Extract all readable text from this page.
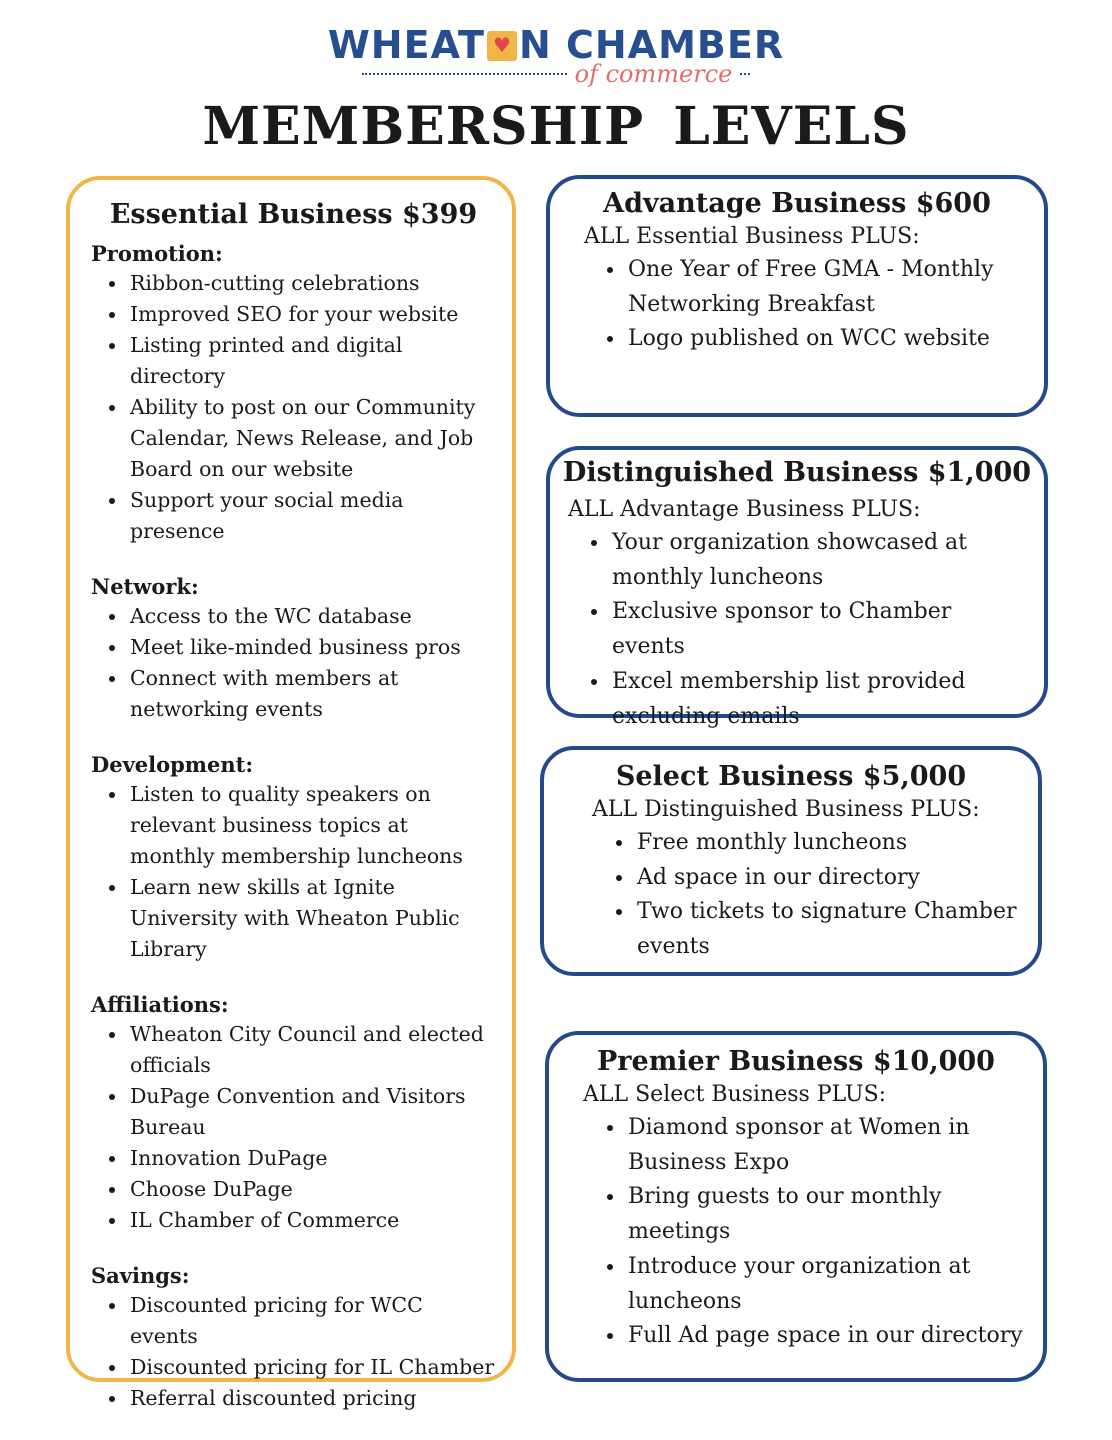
WHEAT ♥ N CHAMBER
of commerce
MEMBERSHIP LEVELS
Essential Business $399

Promotion:

• Ribbon-cutting celebrations
• Improved SEO for your website
• Listing printed and digital directory
• Ability to post on our Community Calendar, News Release, and Job Board on our website
• Support your social media presence

Network:

• Access to the WC database
• Meet like-minded business pros
• Connect with members at networking events

Development:

• Listen to quality speakers on relevant business topics at monthly membership luncheons
• Learn new skills at Ignite University with Wheaton Public Library

Affiliations:

• Wheaton City Council and elected officials
• DuPage Convention and Visitors Bureau
• Innovation DuPage
• Choose DuPage
• IL Chamber of Commerce

Savings:

• Discounted pricing for WCC events
• Discounted pricing for IL Chamber
• Referral discounted pricing
Advantage Business $600

ALL Essential Business PLUS:

• One Year of Free GMA - Monthly Networking Breakfast
• Logo published on WCC website
Distinguished Business $1,000

ALL Advantage Business PLUS:

• Your organization showcased at monthly luncheons
• Exclusive sponsor to Chamber events
• Excel membership list provided excluding emails
Select Business $5,000

ALL Distinguished Business PLUS:

• Free monthly luncheons
• Ad space in our directory
• Two tickets to signature Chamber events
Premier Business $10,000

ALL Select Business PLUS:

• Diamond sponsor at Women in Business Expo
• Bring guests to our monthly meetings
• Introduce your organization at luncheons
• Full Ad page space in our directory
